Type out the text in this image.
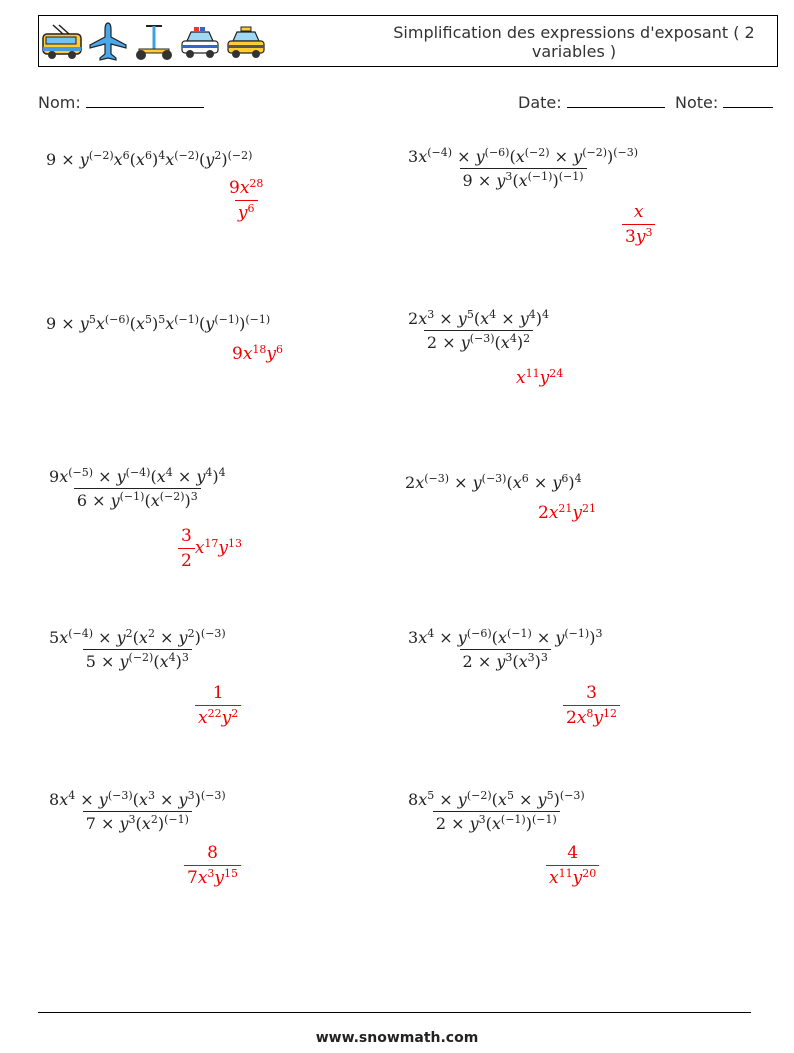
Simplification des expressions d'exposant ( 2 variables )
Nom:	Date:	Note:
$9 \times y^{(-2)}x^6(x^6)^4x^{(-2)}(y^2)^{(-2)}$
$\frac{9x^{28}}{y^6}$
$\frac{3x^{(-4)} \times y^{(-6)}(x^{(-2)} \times y^{(-2)})^{(-3)}}{9 \times y^3(x^{(-1)})^{(-1)}}$
$\frac{x}{3y^3}$
$9 \times y^5x^{(-6)}(x^5)^5x^{(-1)}(y^{(-1)})^{(-1)}$
$9x^{18}y^6$	$\frac{2x^3 \times y^5(x^4 \times y^4)^4}{2 \times y^{(-3)}(x^4)^2}$
$x^{11}y^{24}$
$\frac{9x^{(-5)} \times y^{(-4)}(x^4 \times y^4)^4}{6 \times y^{(-1)}(x^{(-2)})^3}$
$\frac{3}{2} x^{17}y^{13}$
$2x^{(-3)} \times y^{(-3)}(x^6 \times y^6)^4$
$2x^{21}y^{21}$
$\frac{5x^{(-4)} \times y^2(x^2 \times y^2)^{(-3)}}{5 \times y^{(-2)}(x^4)^3}$
$\frac{1}{x^{22}y^2}$
$\frac{3x^4 \times y^{(-6)}(x^{(-1)} \times y^{(-1)})^3}{2 \times y^3(x^3)^3}$
$\frac{3}{2x^8y^{12}}$
$\frac{8x^4 \times y^{(-3)}(x^3 \times y^3)^{(-3)}}{7 \times y^3(x^2)^{(-1)}}$
$\frac{8}{7x^3y^{15}}$
$\frac{8x^5 \times y^{(-2)}(x^5 \times y^5)^{(-3)}}{2 \times y^3(x^{(-1)})^{(-1)}}$
$\frac{4}{x^{11}y^{20}}$
www.snowmath.com
